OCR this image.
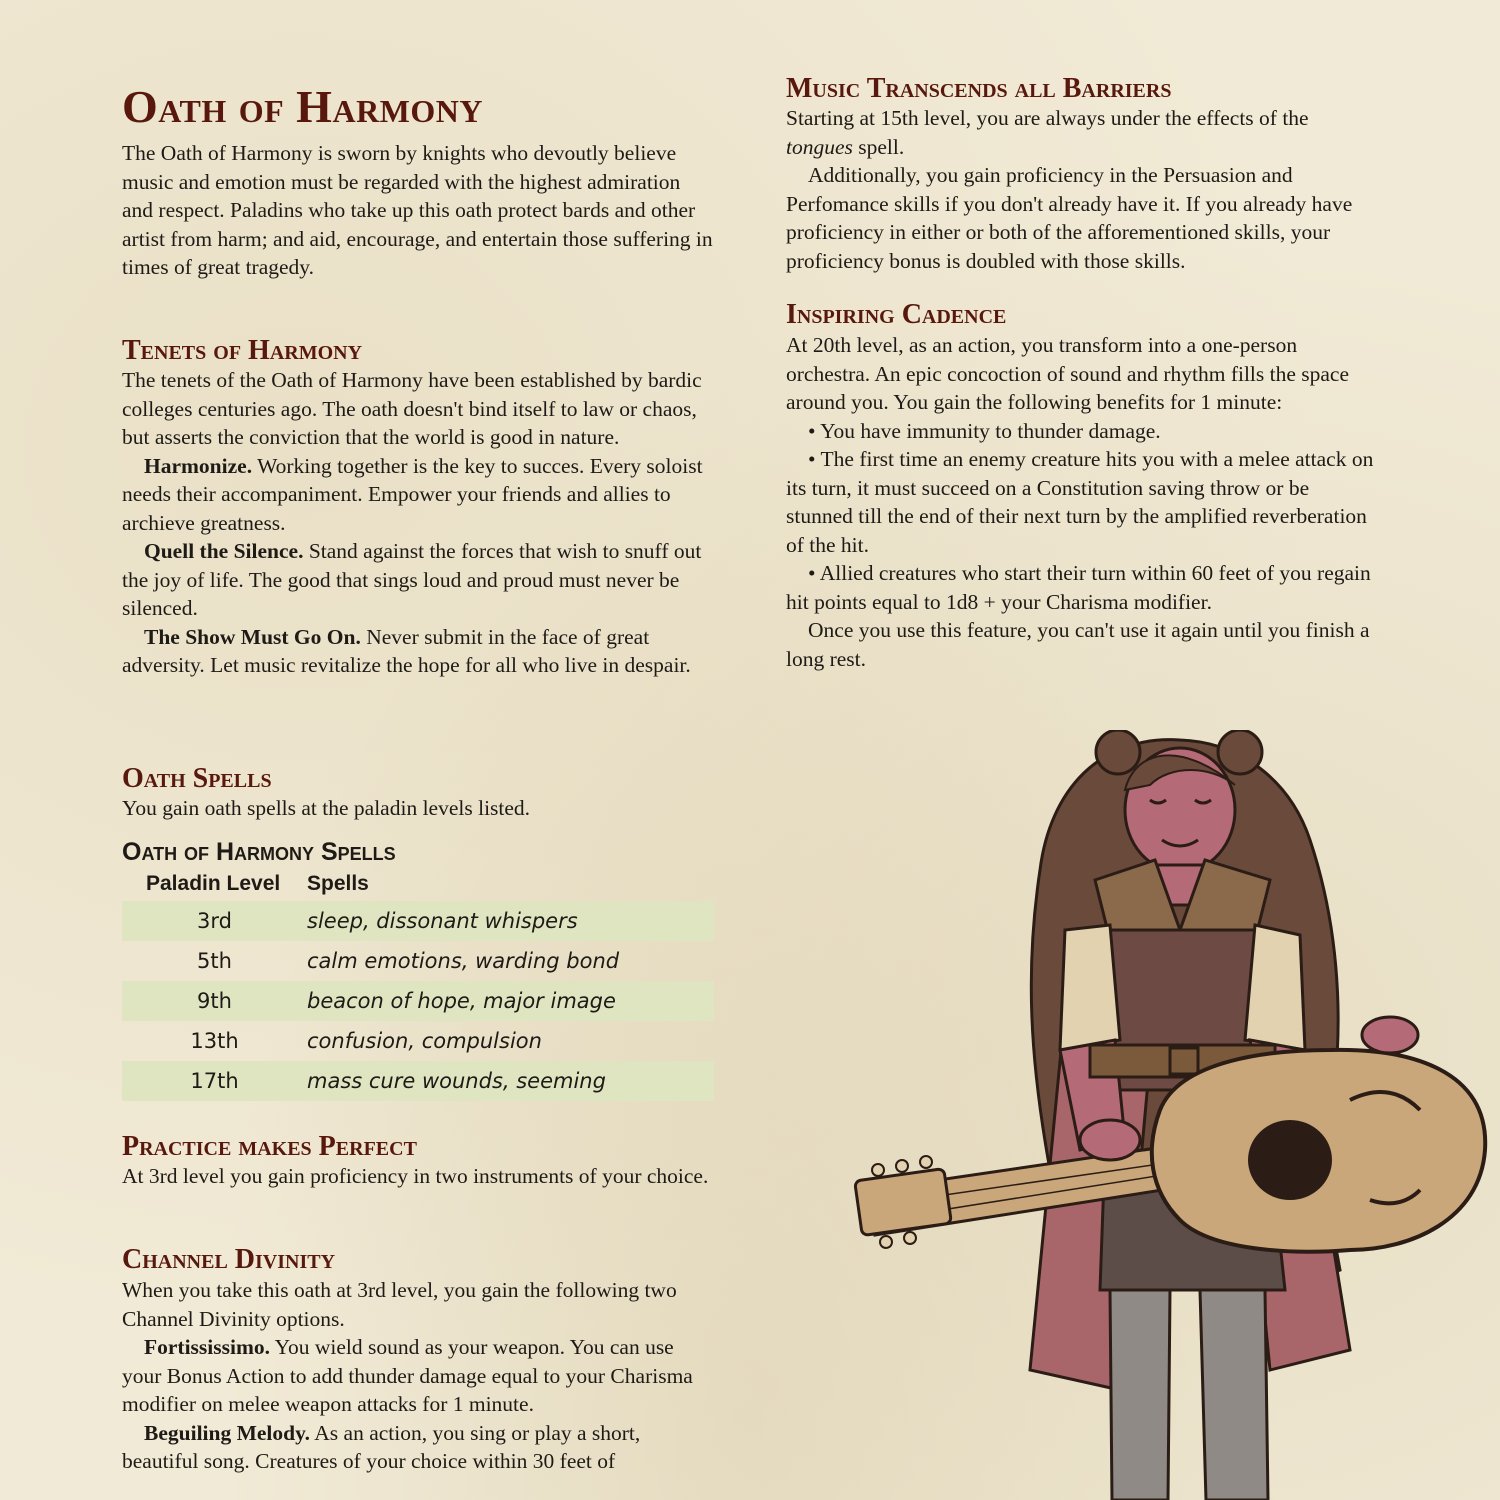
Oath of Harmony

The Oath of Harmony is sworn by knights who devoutly believe music and emotion must be regarded with the highest admiration and respect. Paladins who take up this oath protect bards and other artist from harm; and aid, encourage, and entertain those suffering in times of great tragedy.

Tenets of Harmony

The tenets of the Oath of Harmony have been established by bardic colleges centuries ago. The oath doesn't bind itself to law or chaos, but asserts the conviction that the world is good in nature.

Harmonize. Working together is the key to succes. Every soloist needs their accompaniment. Empower your friends and allies to archieve greatness.

Quell the Silence. Stand against the forces that wish to snuff out the joy of life. The good that sings loud and proud must never be silenced.

The Show Must Go On. Never submit in the face of great adversity. Let music revitalize the hope for all who live in despair.

Oath Spells

You gain oath spells at the paladin levels listed.

Oath of Harmony Spells
Paladin Level	Spells
3rd	sleep, dissonant whispers
5th	calm emotions, warding bond
9th	beacon of hope, major image
13th	confusion, compulsion
17th	mass cure wounds, seeming
Practice makes Perfect

At 3rd level you gain proficiency in two instruments of your choice.

Channel Divinity

When you take this oath at 3rd level, you gain the following two Channel Divinity options.

Fortississimo. You wield sound as your weapon. You can use your Bonus Action to add thunder damage equal to your Charisma modifier on melee weapon attacks for 1 minute.

Beguiling Melody. As an action, you sing or play a short, beautiful song. Creatures of your choice within 30 feet of

Music Transcends all Barriers

Starting at 15th level, you are always under the effects of the tongues spell.

Additionally, you gain proficiency in the Persuasion and Perfomance skills if you don't already have it. If you already have proficiency in either or both of the afforementioned skills, your proficiency bonus is doubled with those skills.

Inspiring Cadence

At 20th level, as an action, you transform into a one-person orchestra. An epic concoction of sound and rhythm fills the space around you. You gain the following benefits for 1 minute:

• You have immunity to thunder damage.

• The first time an enemy creature hits you with a melee attack on its turn, it must succeed on a Constitution saving throw or be stunned till the end of their next turn by the amplified reverberation of the hit.

• Allied creatures who start their turn within 60 feet of you regain hit points equal to 1d8 + your Charisma modifier.

Once you use this feature, you can't use it again until you finish a long rest.
